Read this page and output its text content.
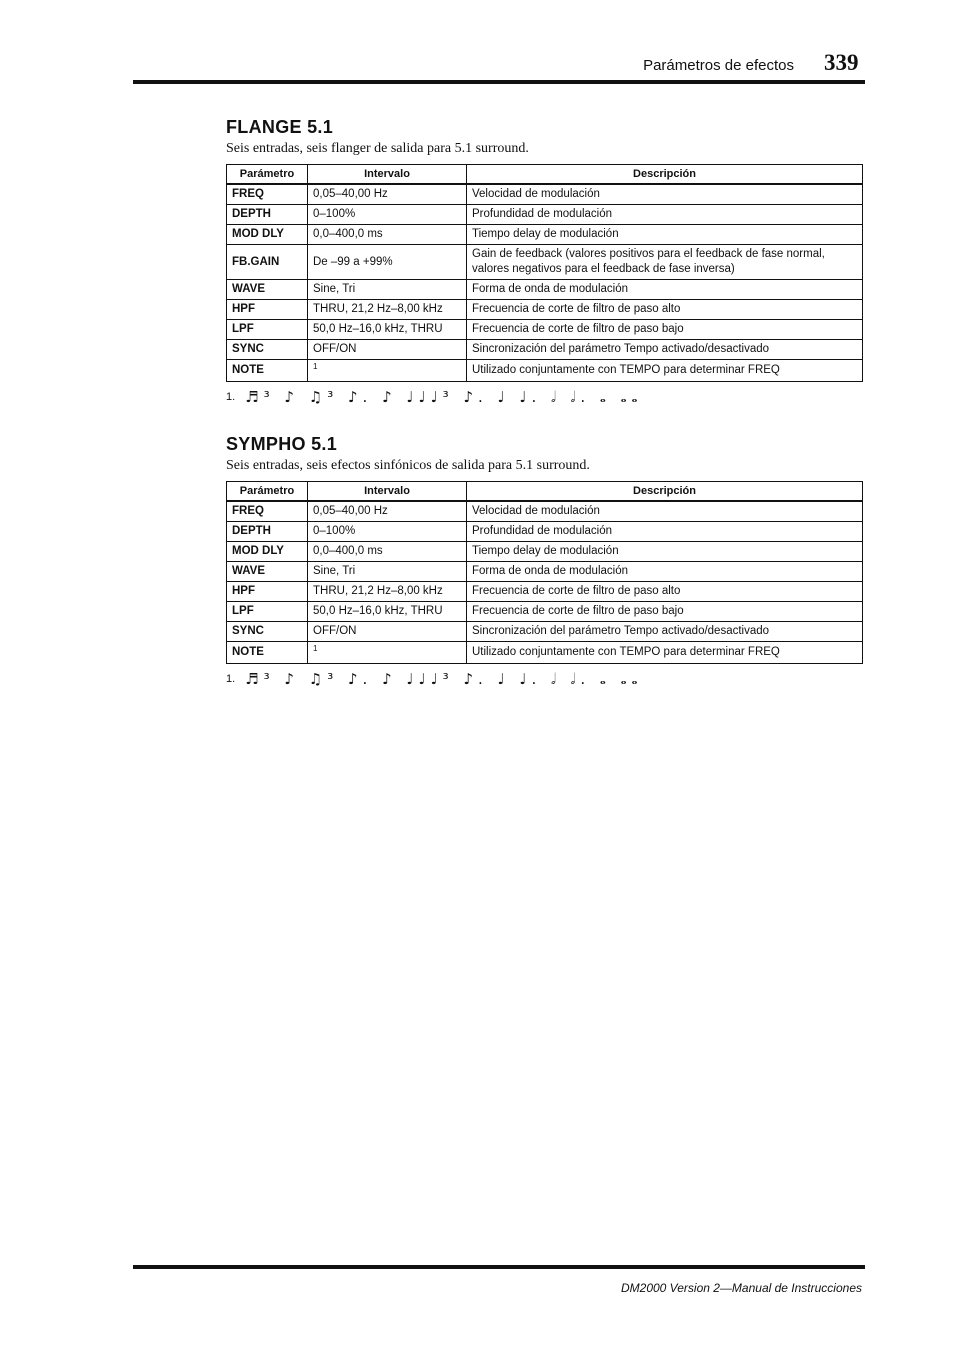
Parámetros de efectos 339
FLANGE 5.1

Seis entradas, seis flanger de salida para 5.1 surround.

Parámetro	Intervalo	Descripción
FREQ	0,05–40,00 Hz	Velocidad de modulación
DEPTH	0–100%	Profundidad de modulación
MOD DLY	0,0–400,0 ms	Tiempo delay de modulación
FB.GAIN	De –99 a +99%	Gain de feedback (valores positivos para el feedback de fase normal, valores negativos para el feedback de fase inversa)
WAVE	Sine, Tri	Forma de onda de modulación
HPF	THRU, 21,2 Hz–8,00 kHz	Frecuencia de corte de filtro de paso alto
LPF	50,0 Hz–16,0 kHz, THRU	Frecuencia de corte de filtro de paso bajo
SYNC	OFF/ON	Sincronización del parámetro Tempo activado/desactivado
NOTE	1	Utilizado conjuntamente con TEMPO para determinar FREQ
1. ♬³ ♪ ♫³ ♪. ♪ ♩♩♩³ ♪. ♩ ♩. 𝅗𝅥 𝅗𝅥. 𝅝 𝅝𝅝
SYMPHO 5.1

Seis entradas, seis efectos sinfónicos de salida para 5.1 surround.

Parámetro	Intervalo	Descripción
FREQ	0,05–40,00 Hz	Velocidad de modulación
DEPTH	0–100%	Profundidad de modulación
MOD DLY	0,0–400,0 ms	Tiempo delay de modulación
WAVE	Sine, Tri	Forma de onda de modulación
HPF	THRU, 21,2 Hz–8,00 kHz	Frecuencia de corte de filtro de paso alto
LPF	50,0 Hz–16,0 kHz, THRU	Frecuencia de corte de filtro de paso bajo
SYNC	OFF/ON	Sincronización del parámetro Tempo activado/desactivado
NOTE	1	Utilizado conjuntamente con TEMPO para determinar FREQ
1. ♬³ ♪ ♫³ ♪. ♪ ♩♩♩³ ♪. ♩ ♩. 𝅗𝅥 𝅗𝅥. 𝅝 𝅝𝅝
DM2000 Version 2—Manual de Instrucciones
